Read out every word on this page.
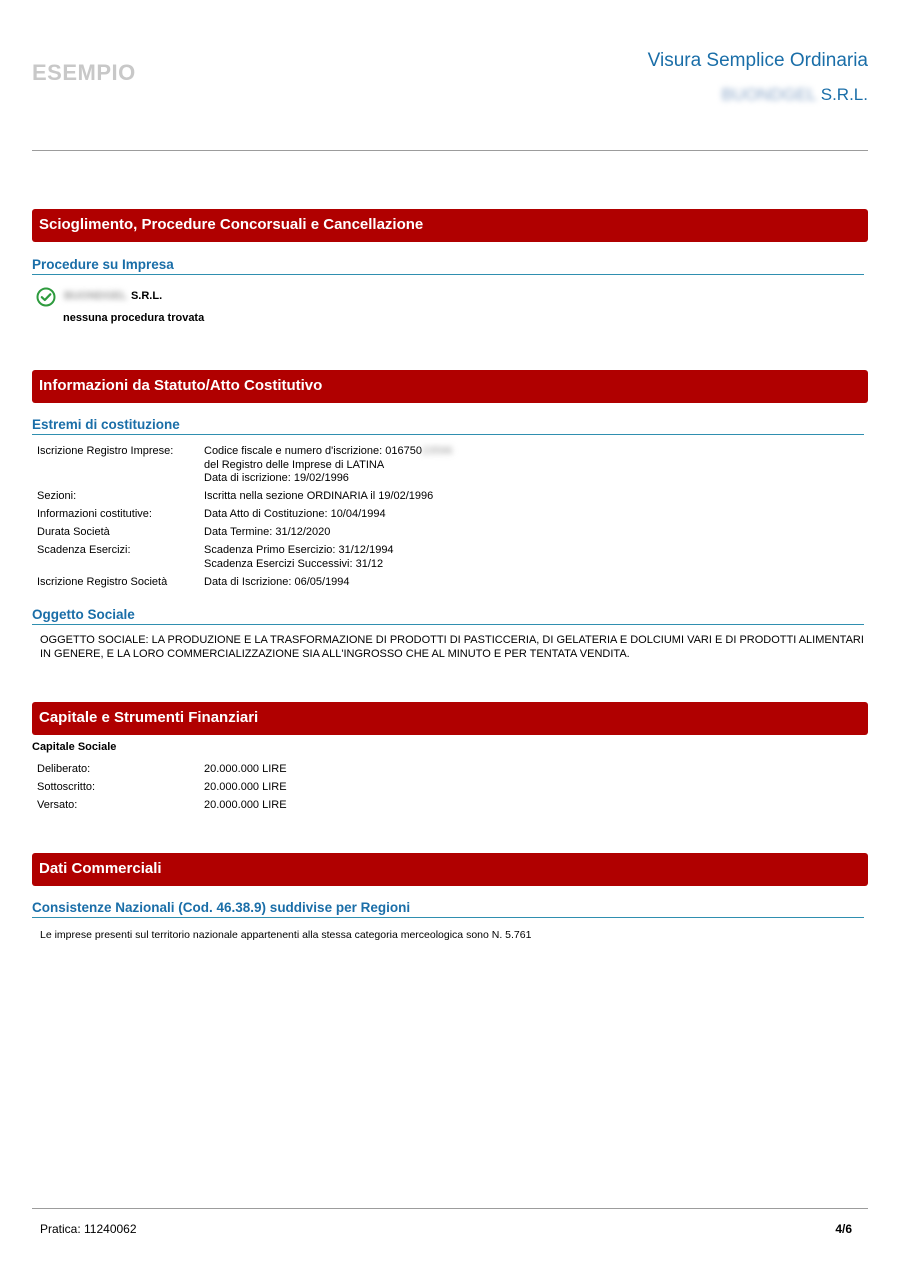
ESEMPIO	Visura Semplice Ordinaria
BUONDGEL S.R.L.
Scioglimento, Procedure Concorsuali e Cancellazione
Procedure su Impresa
BUONDGEL S.R.L.
nessuna procedura trovata
Informazioni da Statuto/Atto Costitutivo
Estremi di costituzione
Iscrizione Registro Imprese:	Codice fiscale e numero d'iscrizione: 01675023596
del Registro delle Imprese di LATINA
Data di iscrizione: 19/02/1996
Sezioni:	Iscritta nella sezione ORDINARIA il 19/02/1996
Informazioni costitutive:	Data Atto di Costituzione: 10/04/1994
Durata Società	Data Termine: 31/12/2020
Scadenza Esercizi:	Scadenza Primo Esercizio: 31/12/1994
Scadenza Esercizi Successivi: 31/12
Iscrizione Registro Società	Data di Iscrizione: 06/05/1994
Oggetto Sociale
OGGETTO SOCIALE: LA PRODUZIONE E LA TRASFORMAZIONE DI PRODOTTI DI PASTICCERIA, DI GELATERIA E DOLCIUMI VARI E DI PRODOTTI ALIMENTARI IN GENERE, E LA LORO COMMERCIALIZZAZIONE SIA ALL'INGROSSO CHE AL MINUTO E PER TENTATA VENDITA.
Capitale e Strumenti Finanziari
Capitale Sociale
Deliberato:	20.000.000 LIRE
Sottoscritto:	20.000.000 LIRE
Versato:	20.000.000 LIRE
Dati Commerciali
Consistenze Nazionali (Cod. 46.38.9) suddivise per Regioni
Le imprese presenti sul territorio nazionale appartenenti alla stessa categoria merceologica sono N. 5.761
Pratica: 11240062	4/6
